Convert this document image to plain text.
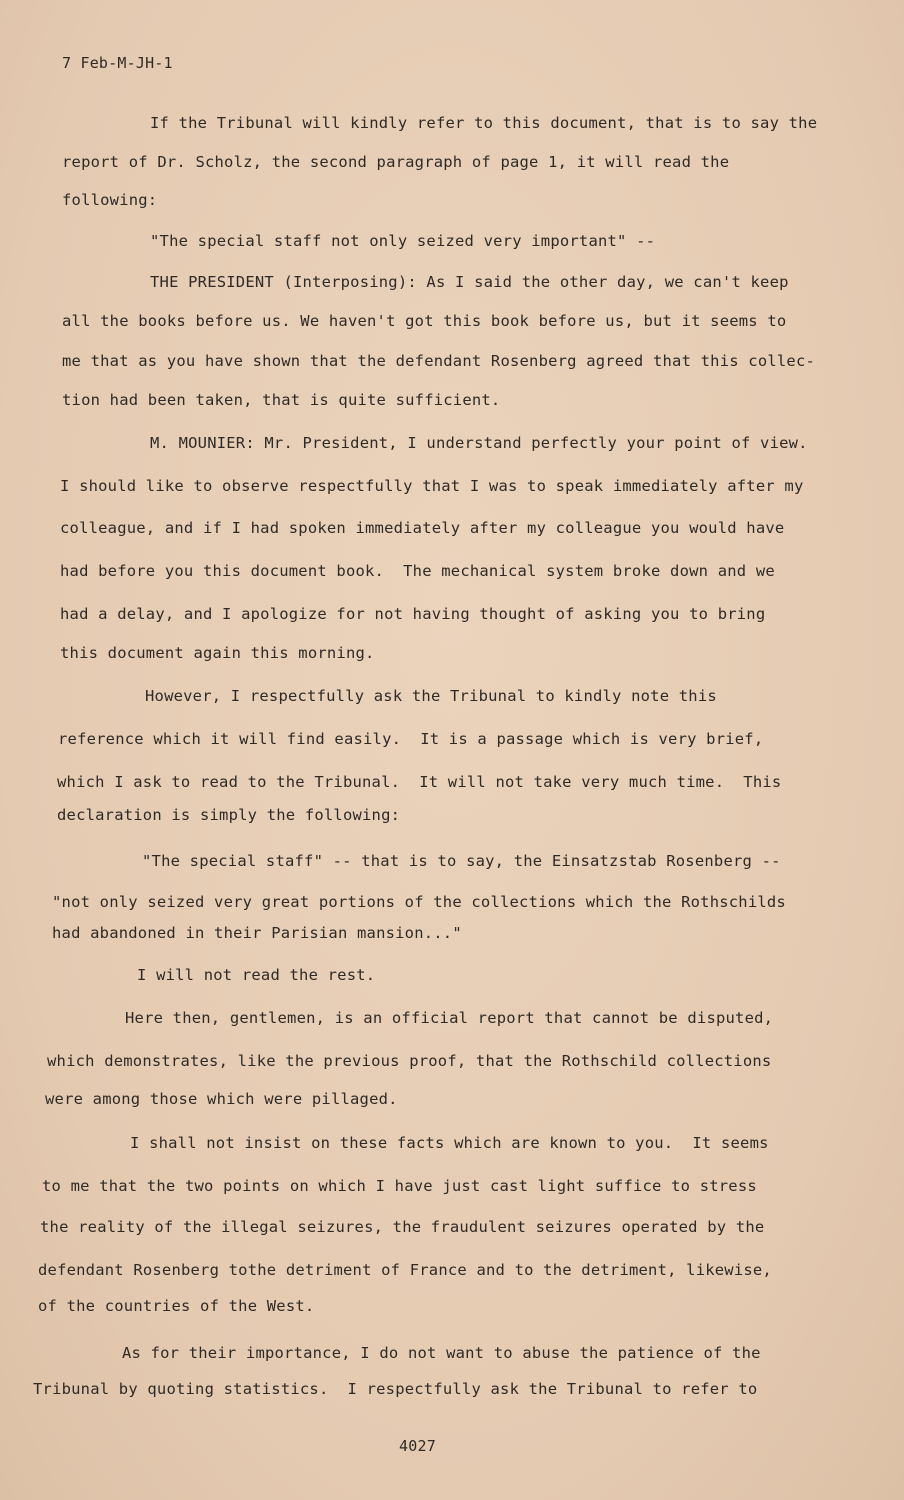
7 Feb-M-JH-1
If the Tribunal will kindly refer to this document, that is to say the
report of Dr. Scholz, the second paragraph of page 1, it will read the
following:
"The special staff not only seized very important" --
THE PRESIDENT (Interposing): As I said the other day, we can't keep
all the books before us. We haven't got this book before us, but it seems to
me that as you have shown that the defendant Rosenberg agreed that this collec-
tion had been taken, that is quite sufficient.
M. MOUNIER: Mr. President, I understand perfectly your point of view.
I should like to observe respectfully that I was to speak immediately after my
colleague, and if I had spoken immediately after my colleague you would have
had before you this document book.  The mechanical system broke down and we
had a delay, and I apologize for not having thought of asking you to bring
this document again this morning.
However, I respectfully ask the Tribunal to kindly note this
reference which it will find easily.  It is a passage which is very brief,
which I ask to read to the Tribunal.  It will not take very much time.  This
declaration is simply the following:
"The special staff" -- that is to say, the Einsatzstab Rosenberg --
"not only seized very great portions of the collections which the Rothschilds
had abandoned in their Parisian mansion..."
I will not read the rest.
Here then, gentlemen, is an official report that cannot be disputed,
which demonstrates, like the previous proof, that the Rothschild collections
were among those which were pillaged.
I shall not insist on these facts which are known to you.  It seems
to me that the two points on which I have just cast light suffice to stress
the reality of the illegal seizures, the fraudulent seizures operated by the
defendant Rosenberg tothe detriment of France and to the detriment, likewise,
of the countries of the West.
As for their importance, I do not want to abuse the patience of the
Tribunal by quoting statistics.  I respectfully ask the Tribunal to refer to
4027
